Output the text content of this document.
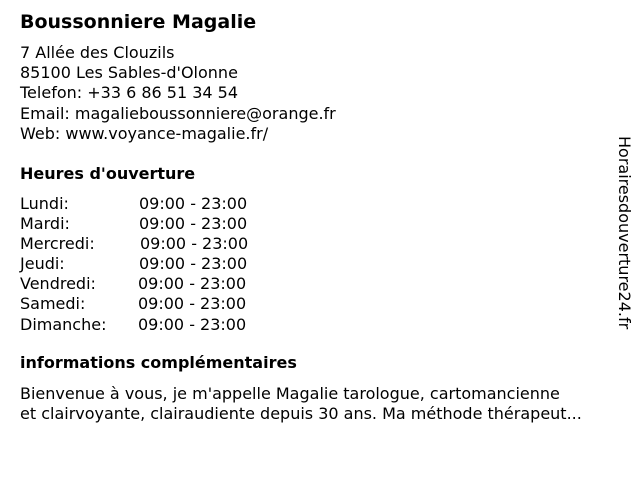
Boussonniere Magalie
7 Allée des Clouzils
85100 Les Sables-d'Olonne
Telefon: +33 6 86 51 34 54
Email: magalieboussonniere@orange.fr
Web: www.voyance-magalie.fr/
Heures d'ouverture
Lundi:	09:00 - 23:00
Mardi:	09:00 - 23:00
Mercredi:	09:00 - 23:00
Jeudi:	09:00 - 23:00
Vendredi:	09:00 - 23:00
Samedi:	09:00 - 23:00
Dimanche: 09:00 - 23:00
informations complémentaires
Bienvenue à vous, je m'appelle Magalie tarologue, cartomancienne
et clairvoyante, clairaudiente depuis 30 ans. Ma méthode thérapeut...
Horairesdouverture24.fr
